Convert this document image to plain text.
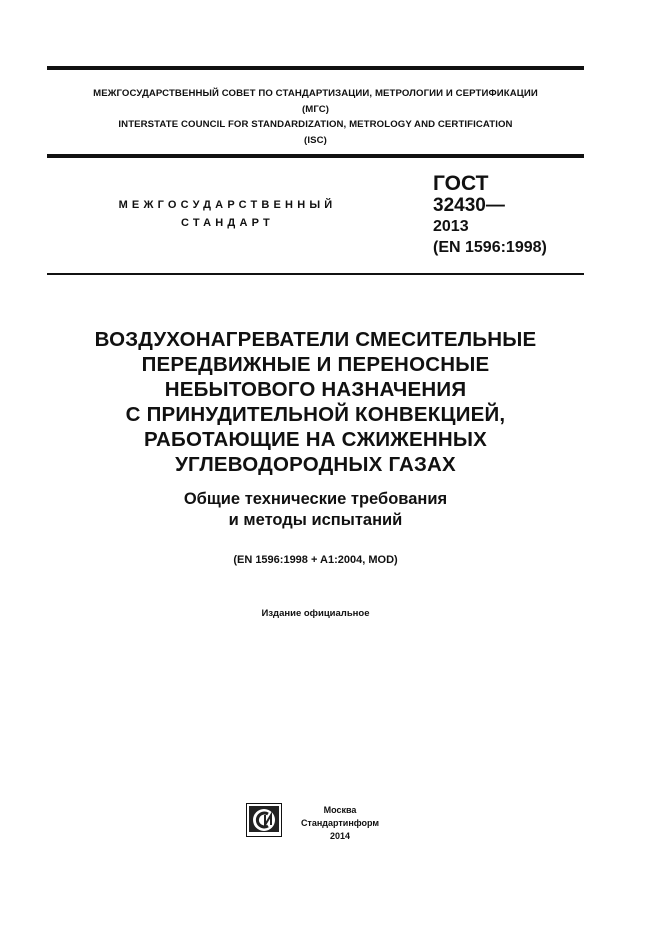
МЕЖГОСУДАРСТВЕННЫЙ СОВЕТ ПО СТАНДАРТИЗАЦИИ, МЕТРОЛОГИИ И СЕРТИФИКАЦИИ
(МГС)
INTERSTATE COUNCIL FOR STANDARDIZATION, METROLOGY AND CERTIFICATION
(ISC)
МЕЖГОСУДАРСТВЕННЫЙ
СТАНДАРТ
ГОСТ
32430—
2013
(EN 1596:1998)
ВОЗДУХОНАГРЕВАТЕЛИ СМЕСИТЕЛЬНЫЕ
ПЕРЕДВИЖНЫЕ И ПЕРЕНОСНЫЕ
НЕБЫТОВОГО НАЗНАЧЕНИЯ
С ПРИНУДИТЕЛЬНОЙ КОНВЕКЦИЕЙ,
РАБОТАЮЩИЕ НА СЖИЖЕННЫХ
УГЛЕВОДОРОДНЫХ ГАЗАХ
Общие технические требования
и методы испытаний
(EN 1596:1998 + A1:2004, MOD)
Издание официальное
Москва
Стандартинформ
2014
